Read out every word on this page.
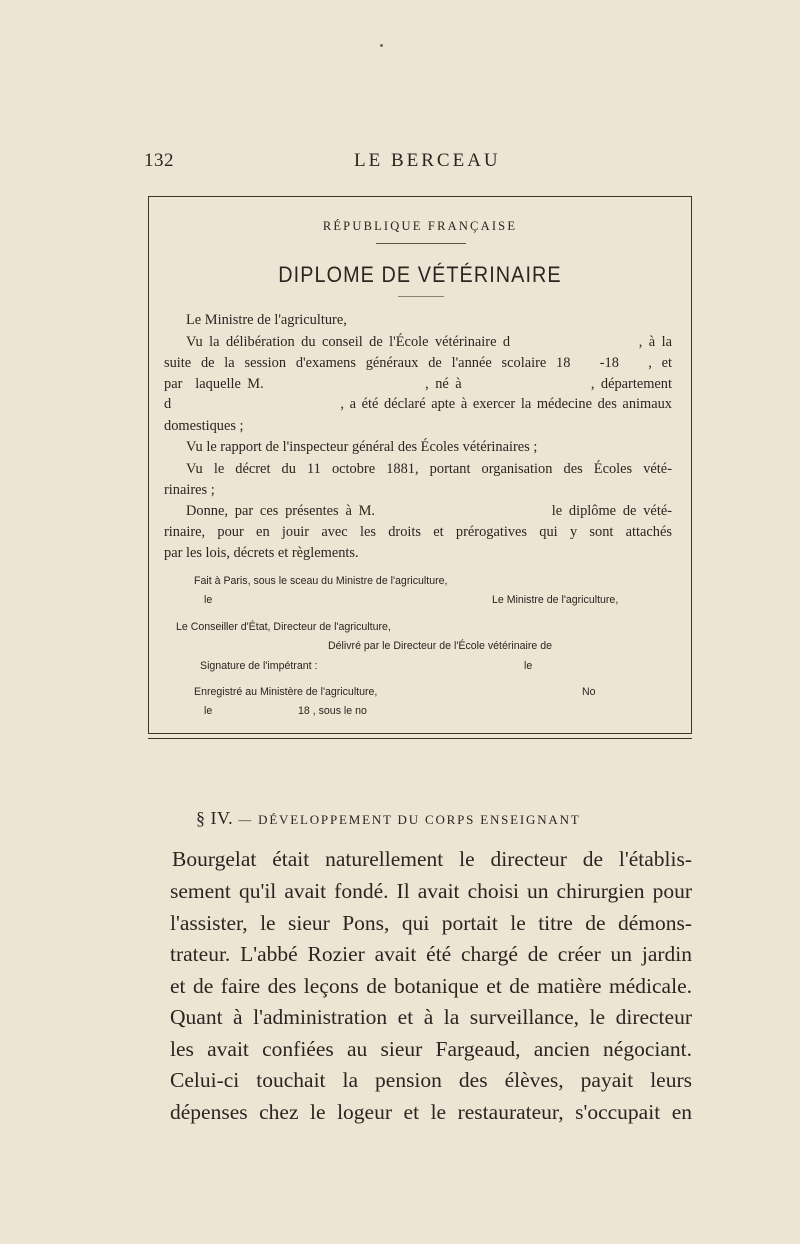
132	LE BERCEAU
RÉPUBLIQUE FRANÇAISE
DIPLOME DE VÉTÉRINAIRE
Le Ministre de l'agriculture,
Vu la délibération du conseil de l'École vétérinaire d                    , à la
suite de la session d'examens généraux de l'année scolaire 18   -18   , et
par  laquelle M.                         , né à                    , département
d                              , a été déclaré apte à exercer la médecine des animaux
domestiques ;
Vu le rapport de l'inspecteur général des Écoles vétérinaires ;
Vu le décret du 11 octobre 1881, portant organisation des Écoles vété-
rinaires ;
Donne, par ces présentes à M.                          le diplôme de vété-
rinaire, pour en jouir avec les droits et prérogatives qui y sont attachés
par les lois, décrets et règlements.
Fait à Paris, sous le sceau du Ministre de l'agriculture,
le	Le Ministre de l'agriculture,
Le Conseiller d'État, Directeur de l'agriculture,
Délivré par le Directeur de l'École vétérinaire de
Signature de l'impétrant :	le
Enregistré au Ministère de l'agriculture,	No
le	18 , sous le no
§ IV. — DÉVELOPPEMENT DU CORPS ENSEIGNANT
Bourgelat était naturellement le directeur de l'établis-
sement qu'il avait fondé. Il avait choisi un chirurgien pour
l'assister, le sieur Pons, qui portait le titre de démons-
trateur. L'abbé Rozier avait été chargé de créer un jardin
et de faire des leçons de botanique et de matière médicale.
Quant à l'administration et à la surveillance, le directeur
les avait confiées au sieur Fargeaud, ancien négociant.
Celui-ci touchait la pension des élèves, payait leurs
dépenses chez le logeur et le restaurateur, s'occupait en
